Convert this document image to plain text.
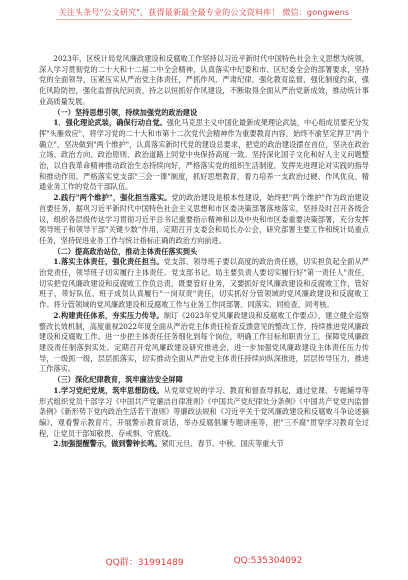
关注头条号"公文研究"，获得最新最全最专业的公文资料库！ 微信：gongwens

2023年，区统计局党风廉政建设和反腐败工作坚持以习近平新时代中国特色社会主义思想为统领，深入学习贯彻党的二十大和十二届二中全会精神，认真落实中纪委和市、区纪委全会的部署要求，坚持党的全面领导，压紧压实从严治党主体责任，严抓作风、严肃纪律，强化教育监督，强化制度约束，强化风险防控，强化监督执纪问责，持之以恒抓好作风建设，不断取得全面从严治党新成效，推动统计事业高质量发展。

（一）坚持思想引领，持续加强党的政治建设

1．强化理论武装，确保行动自觉。强化马克思主义中国化最新成果理论武装，中心组成员要充分发挥"头雁效应"，将学习党的二十大和市第十二次党代会精神作为重要教育内容，始终不渝坚定捍卫"两个确立"，坚决做到"两个维护"，认真落实新时代党的建设总要求，把党的政治建设摆在首位，坚决在政治立场、政治方向、政治原则、政治道路上同党中央保持高度一致。坚持深化国子文化和好人主义问题整治，以自我革命精神推动政治生态持续向好，严格落实党的组织生活制度，发挥先进理论对实践的指导和推动作用。严格落实党支部"三会一课"制度，抓好思想教育，着力培养一支政治过硬、作风优良、精通业务工作的党员干部队伍。

2.践行"两个维护"，强化担当落实。党的政治建设是根本性建设，始终把"两个维护"作为政治建设首要任务，据巩习近平新时代中国特色社会主义思想和市区委决策部署落地落实，坚持及时召开各级会议，组织各层级传达学习贯彻习近平总书记重要指示精神和以及中央和市区委重要决策部署，充分发挥领导班子和领导干部"关键少数"作用，定期召开支委会和局长办公会，研究部署主要工作和统计局重点任务，坚持促进业务工作与统计指标正确的政治方向前进。

（二）提高政治站位，推动主体责任落实到头

1.落实主体责任，强化责任担当。党支部、领导班子要以高度的政治责任感，切实担负起全面从严治党责任，领导班子切实履行主体责任。党支部书记、局主要负责人要切实履行好"第一责任人"责任，切实把党风廉政建设和反腐败工作负总责，既要管好业务，又要抓好党风廉政建设和反腐败工作，管好班子，带好队伍。班子成员认真履行"一岗双责"责任，切实抓好分管领域的党风廉政建设和反腐败工作。将分管领域的党风廉政建设和反腐败工作与业务工作同部署、同落实、同检查、同考核。

2.构建责任体系，夯实压力传导。制订《2023年党风廉政建设和反腐败工作要点》，建立健全巡察整改长效机制，高度重视2022年度全面从严治党主体责任检查反馈意见的整改工作，持续推进党风廉政建设和反腐败工作。进一步把主体责任任务细化到每个岗位，明确工作目标和职责分工，保障党风廉政建设责任制落到实处。定期召开党风廉政建设研究推进会，进一步加强党风廉政建设主体责任压力传导，一级抓一级，层层抓落实，切实推动全面从严治党主体责任持续向纵深推进，层层传导压力，推进工作落实。

（三）深化纪律教育，筑牢廉洁安全屏障

1.学习党纪党规，筑牢思想防线。从党章党规的学习、教育和督查导抓起，通过党课、专题辅导等形式组织党员干部学习《中国共产党廉洁自律准则》《中国共产党纪律处分条例》《中国共产党党内监督条例》《新形势下党内政治生活若干准则》等廉政法规和《习近平关于党风廉政建设和反腐败斗争论述摘编》，观看警示教育片，开展警示教育谈话，举办反腐倡廉专题讲座等，把"三不腐"贯穿学习教育全过程，让党员干部知敬畏、存戒惧、守底线。

2.加强提醒警示，做到警钟长鸣。紧盯元旦、春节、中秋、国庆等重大节

QQ群：31991489	QQ:535304092
